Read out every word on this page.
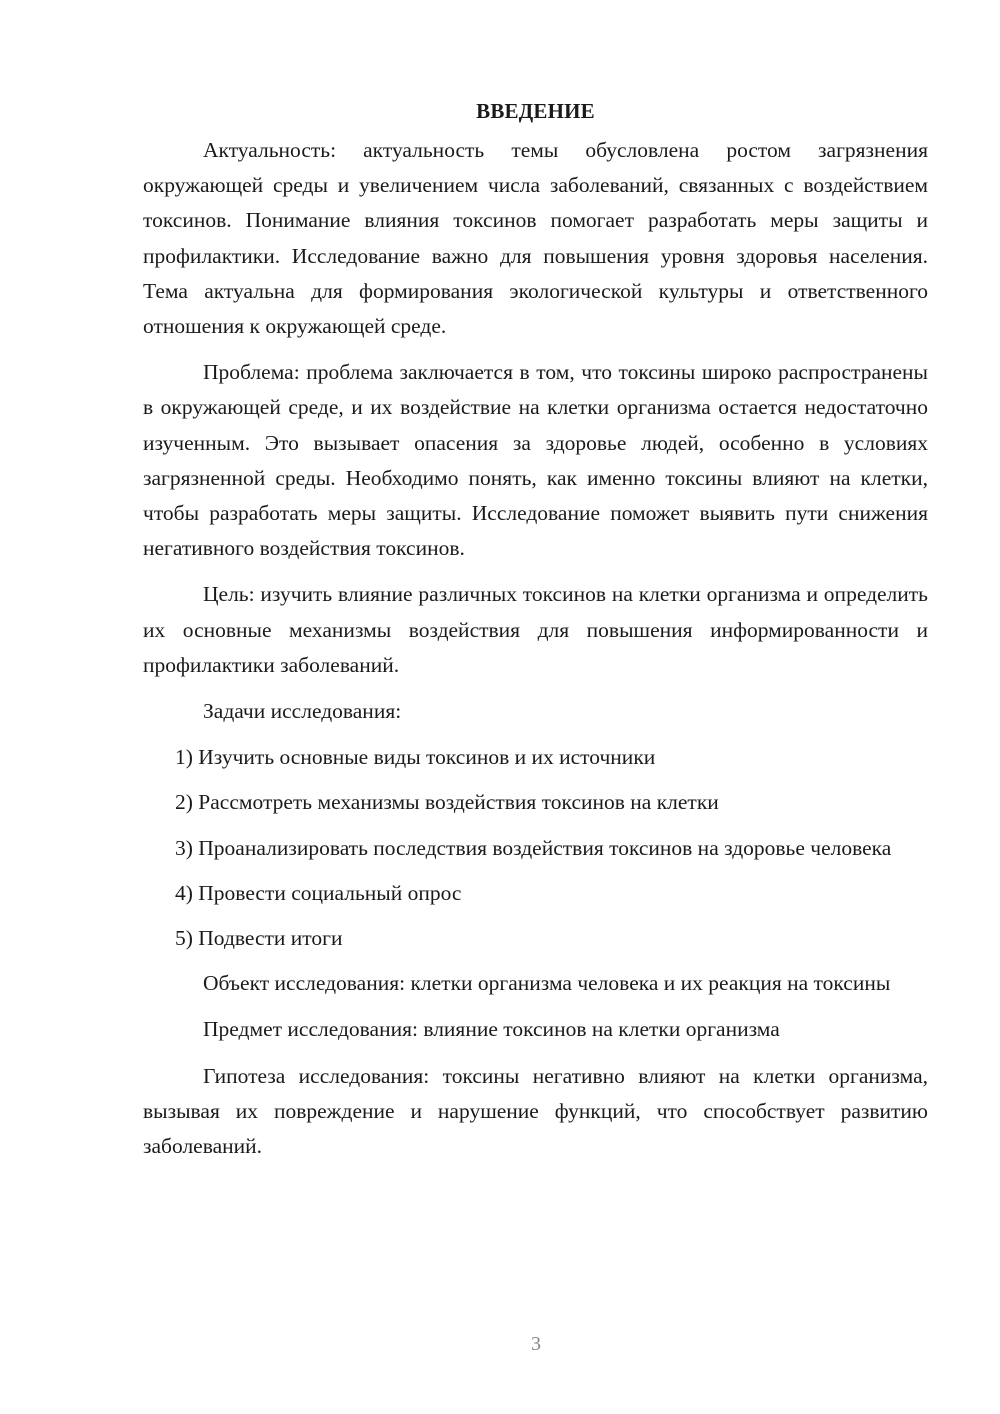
ВВЕДЕНИЕ

Актуальность: актуальность темы обусловлена ростом загрязнения окружающей среды и увеличением числа заболеваний, связанных с воздействием токсинов. Понимание влияния токсинов помогает разработать меры защиты и профилактики. Исследование важно для повышения уровня здоровья населения. Тема актуальна для формирования экологической культуры и ответственного отношения к окружающей среде.

Проблема: проблема заключается в том, что токсины широко распространены в окружающей среде, и их воздействие на клетки организма остается недостаточно изученным. Это вызывает опасения за здоровье людей, особенно в условиях загрязненной среды. Необходимо понять, как именно токсины влияют на клетки, чтобы разработать меры защиты. Исследование поможет выявить пути снижения негативного воздействия токсинов.

Цель: изучить влияние различных токсинов на клетки организма и определить их основные механизмы воздействия для повышения информированности и профилактики заболеваний.

Задачи исследования:

1) Изучить основные виды токсинов и их источники

2) Рассмотреть механизмы воздействия токсинов на клетки

3) Проанализировать последствия воздействия токсинов на здоровье человека

4) Провести социальный опрос

5) Подвести итоги

Объект исследования: клетки организма человека и их реакция на токсины

Предмет исследования: влияние токсинов на клетки организма

Гипотеза исследования: токсины негативно влияют на клетки организма, вызывая их повреждение и нарушение функций, что способствует развитию заболеваний.

3
